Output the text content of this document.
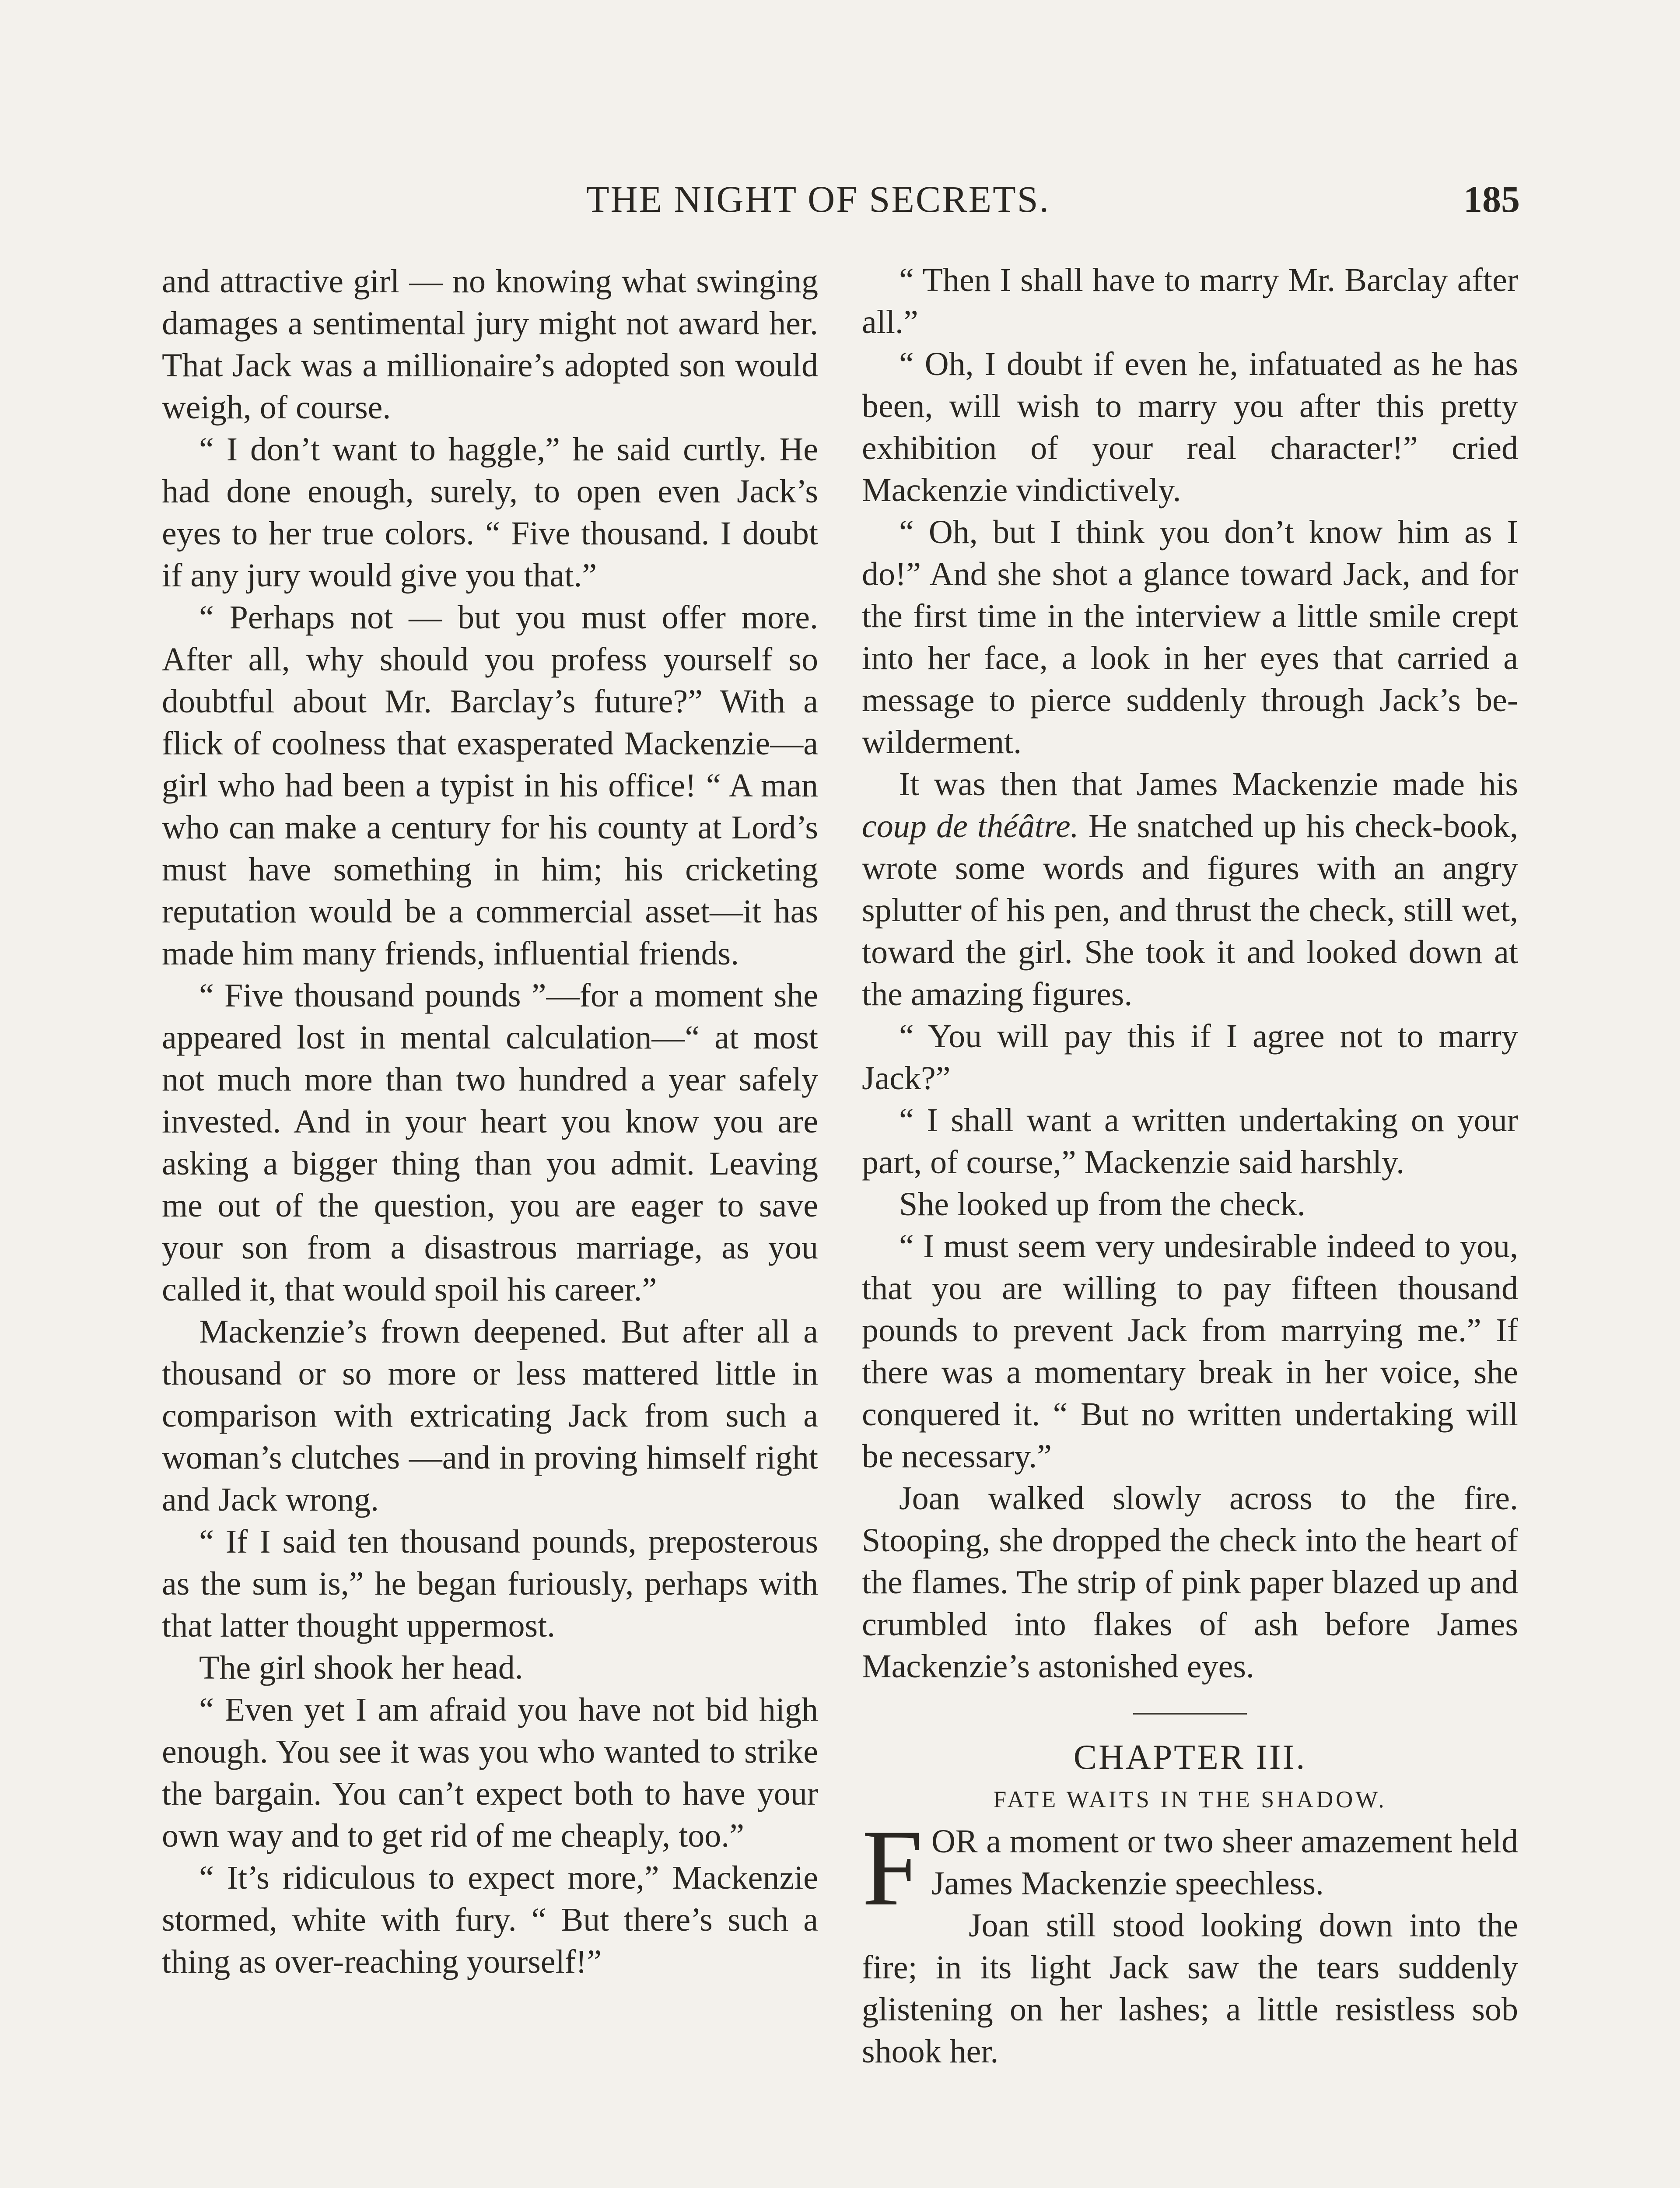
THE NIGHT OF SECRETS.	185

and attractive girl — no knowing what swinging damages a sentimental jury might not award her. That Jack was a millionaire’s adopted son would weigh, of course.

“ I don’t want to haggle,” he said curtly. He had done enough, surely, to open even Jack’s eyes to her true colors. “ Five thousand. I doubt if any jury would give you that.”

“ Perhaps not — but you must offer more. After all, why should you profess yourself so doubtful about Mr. Barclay’s future?” With a flick of coolness that exasperated Mackenzie—a girl who had been a typist in his office! “ A man who can make a century for his county at Lord’s must have something in him; his cricketing reputation would be a commercial asset—it has made him many friends, influential friends.

“ Five thousand pounds ”—for a moment she appeared lost in mental calculation—“ at most not much more than two hundred a year safely invested. And in your heart you know you are asking a bigger thing than you admit. Leaving me out of the question, you are eager to save your son from a disastrous marriage, as you called it, that would spoil his career.”

Mackenzie’s frown deepened. But after all a thousand or so more or less mattered little in comparison with extricating Jack from such a woman’s clutches —and in proving himself right and Jack wrong.

“ If I said ten thousand pounds, preposterous as the sum is,” he began furiously, perhaps with that latter thought uppermost.

The girl shook her head.

“ Even yet I am afraid you have not bid high enough. You see it was you who wanted to strike the bargain. You can’t expect both to have your own way and to get rid of me cheaply, too.”

“ It’s ridiculous to expect more,” Mackenzie stormed, white with fury. “ But there’s such a thing as over-reaching yourself!”

“ Then I shall have to marry Mr. Barclay after all.”

“ Oh, I doubt if even he, infatuated as he has been, will wish to marry you after this pretty exhibition of your real character!” cried Mackenzie vindictively.

“ Oh, but I think you don’t know him as I do!” And she shot a glance toward Jack, and for the first time in the interview a little smile crept into her face, a look in her eyes that carried a message to pierce suddenly through Jack’s bewilderment.

It was then that James Mackenzie made his coup de théâtre. He snatched up his check-book, wrote some words and figures with an angry splutter of his pen, and thrust the check, still wet, toward the girl. She took it and looked down at the amazing figures.

“ You will pay this if I agree not to marry Jack?”

“ I shall want a written undertaking on your part, of course,” Mackenzie said harshly.

She looked up from the check.

“ I must seem very undesirable indeed to you, that you are willing to pay fifteen thousand pounds to prevent Jack from marrying me.” If there was a momentary break in her voice, she conquered it. “ But no written undertaking will be necessary.”

Joan walked slowly across to the fire. Stooping, she dropped the check into the heart of the flames. The strip of pink paper blazed up and crumbled into flakes of ash before James Mackenzie’s astonished eyes.

CHAPTER III.

FATE WAITS IN THE SHADOW.

FOR a moment or two sheer amazement held James Mackenzie speechless.

Joan still stood looking down into the fire; in its light Jack saw the tears suddenly glistening on her lashes; a little resistless sob shook her.
